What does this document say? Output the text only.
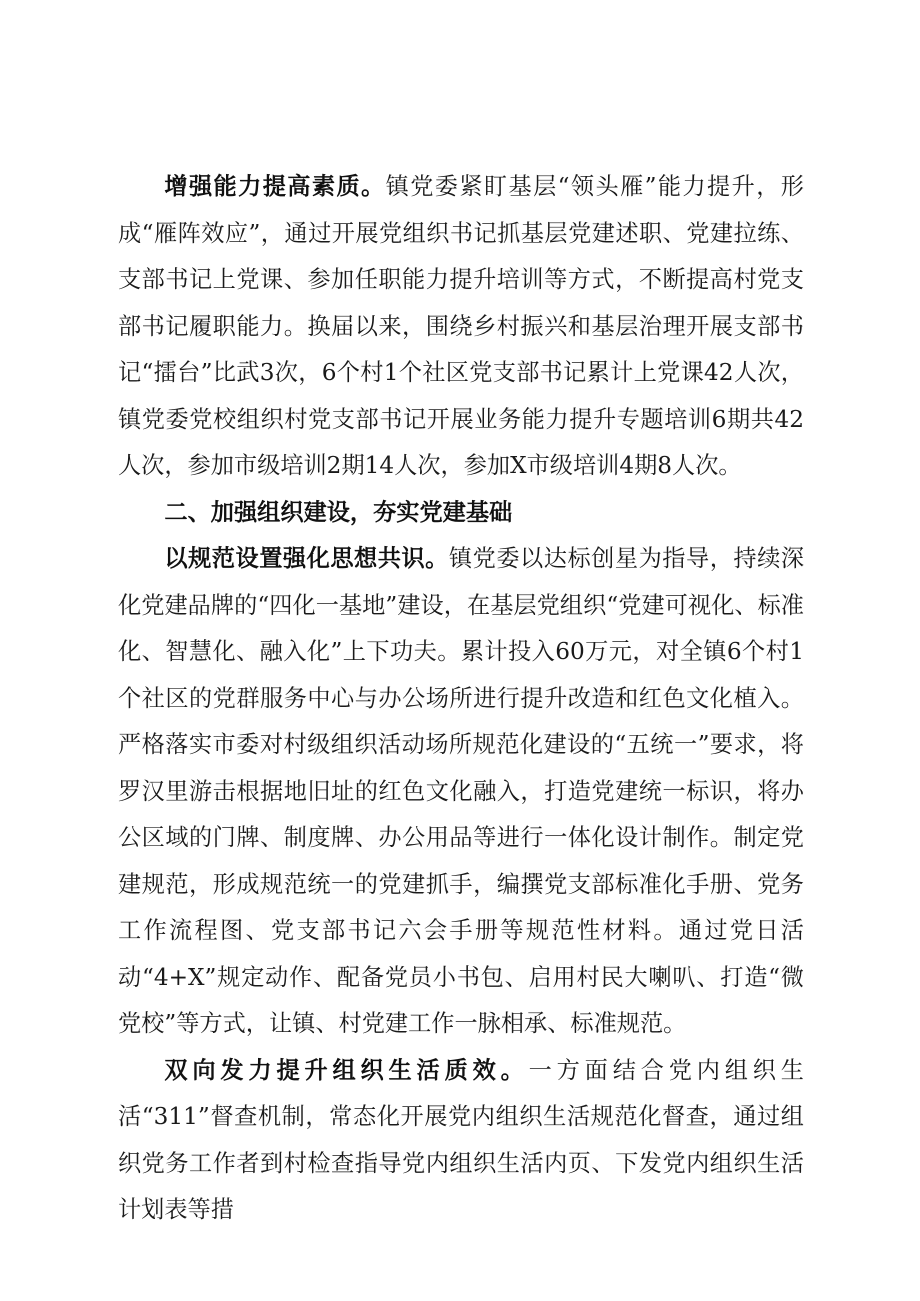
增强能力提高素质。镇党委紧盯基层“领头雁”能力提升，形成“雁阵效应”，通过开展党组织书记抓基层党建述职、党建拉练、支部书记上党课、参加任职能力提升培训等方式，不断提高村党支部书记履职能力。换届以来，围绕乡村振兴和基层治理开展支部书记“擂台”比武3次，6个村1个社区党支部书记累计上党课42人次，镇党委党校组织村党支部书记开展业务能力提升专题培训6期共42人次，参加市级培训2期14人次，参加X市级培训4期8人次。

二、加强组织建设，夯实党建基础

以规范设置强化思想共识。镇党委以达标创星为指导，持续深化党建品牌的“四化一基地”建设，在基层党组织“党建可视化、标准化、智慧化、融入化”上下功夫。累计投入60万元，对全镇6个村1个社区的党群服务中心与办公场所进行提升改造和红色文化植入。严格落实市委对村级组织活动场所规范化建设的“五统一”要求，将罗汉里游击根据地旧址的红色文化融入，打造党建统一标识，将办公区域的门牌、制度牌、办公用品等进行一体化设计制作。制定党建规范，形成规范统一的党建抓手，编撰党支部标准化手册、党务工作流程图、党支部书记六会手册等规范性材料。通过党日活动“4+X”规定动作、配备党员小书包、启用村民大喇叭、打造“微党校”等方式，让镇、村党建工作一脉相承、标准规范。

双向发力提升组织生活质效。一方面结合党内组织生活“311”督查机制，常态化开展党内组织生活规范化督查，通过组织党务工作者到村检查指导党内组织生活内页、下发党内组织生活计划表等措
